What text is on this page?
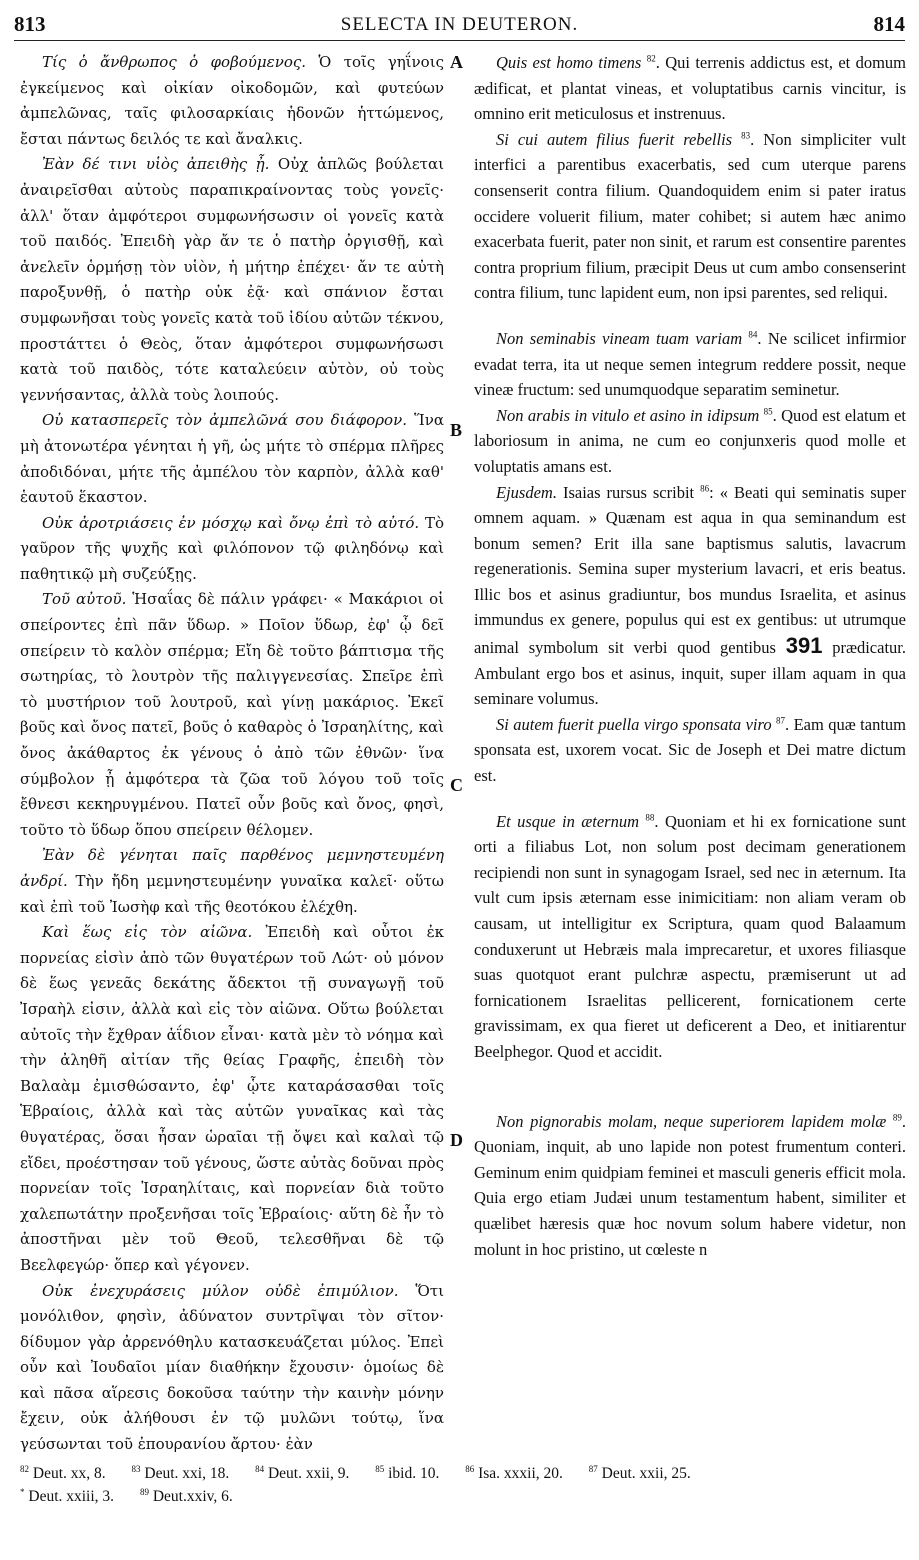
813	SELECTA IN DEUTERON.	814

Τίς ὁ ἄνθρωπος ὁ φοβούμενος. Ὁ τοῖς γηΐνοις ἐγκείμενος καὶ οἰκίαν οἰκοδομῶν, καὶ φυτεύων ἀμπελῶνας, ταῖς φιλοσαρκίαις ἡδονῶν ἡττώμενος, ἔσται πάντως δειλός τε καὶ ἄναλκις.

Ἐὰν δέ τινι υἱὸς ἀπειθὴς ᾖ. Οὐχ ἁπλῶς βούλεται ἀναιρεῖσθαι αὐτοὺς παραπικραίνοντας τοὺς γονεῖς· ἀλλ' ὅταν ἀμφότεροι συμφωνήσωσιν οἱ γονεῖς κατὰ τοῦ παιδός. Ἐπειδὴ γὰρ ἄν τε ὁ πατὴρ ὀργισθῇ, καὶ ἀνελεῖν ὁρμήσῃ τὸν υἱὸν, ἡ μήτηρ ἐπέχει· ἄν τε αὐτὴ παροξυνθῇ, ὁ πατὴρ οὐκ ἐᾷ· καὶ σπάνιον ἔσται συμφωνῆσαι τοὺς γονεῖς κατὰ τοῦ ἰδίου αὐτῶν τέκνου, προστάττει ὁ Θεὸς, ὅταν ἀμφότεροι συμφωνήσωσι κατὰ τοῦ παιδὸς, τότε καταλεύειν αὐτὸν, οὐ τοὺς γεννήσαντας, ἀλλὰ τοὺς λοιπούς.

Οὐ κατασπερεῖς τὸν ἀμπελῶνά σου διάφορον. Ἵνα μὴ ἀτονωτέρα γένηται ἡ γῆ, ὡς μήτε τὸ σπέρμα πλῆρες ἀποδιδόναι, μήτε τῆς ἀμπέλου τὸν καρπὸν, ἀλλὰ καθ' ἑαυτοῦ ἕκαστον.

Οὐκ ἀροτριάσεις ἐν μόσχῳ καὶ ὄνῳ ἐπὶ τὸ αὐτό. Τὸ γαῦρον τῆς ψυχῆς καὶ φιλόπονον τῷ φιληδόνῳ καὶ παθητικῷ μὴ συζεύξῃς.

Τοῦ αὐτοῦ. Ἡσαΐας δὲ πάλιν γράφει· « Μακάριοι οἱ σπείροντες ἐπὶ πᾶν ὕδωρ. » Ποῖον ὕδωρ, ἐφ' ᾧ δεῖ σπείρειν τὸ καλὸν σπέρμα; Εἴη δὲ τοῦτο βάπτισμα τῆς σωτηρίας, τὸ λουτρὸν τῆς παλιγγενεσίας. Σπεῖρε ἐπὶ τὸ μυστήριον τοῦ λουτροῦ, καὶ γίνῃ μακάριος. Ἐκεῖ βοῦς καὶ ὄνος πατεῖ, βοῦς ὁ καθαρὸς ὁ Ἰσραηλίτης, καὶ ὄνος ἀκάθαρτος ἐκ γένους ὁ ἀπὸ τῶν ἐθνῶν· ἵνα σύμβολον ᾖ ἀμφότερα τὰ ζῶα τοῦ λόγου τοῦ τοῖς ἔθνεσι κεκηρυγμένου. Πατεῖ οὖν βοῦς καὶ ὄνος, φησὶ, τοῦτο τὸ ὕδωρ ὅπου σπείρειν θέλομεν.

Ἐὰν δὲ γένηται παῖς παρθένος μεμνηστευμένη ἀνδρί. Τὴν ἤδη μεμνηστευμένην γυναῖκα καλεῖ· οὕτω καὶ ἐπὶ τοῦ Ἰωσὴφ καὶ τῆς θεοτόκου ἐλέχθη.

Καὶ ἕως εἰς τὸν αἰῶνα. Ἐπειδὴ καὶ οὗτοι ἐκ πορνείας εἰσὶν ἀπὸ τῶν θυγατέρων τοῦ Λώτ· οὐ μόνον δὲ ἕως γενεᾶς δεκάτης ἄδεκτοι τῇ συναγωγῇ τοῦ Ἰσραὴλ εἰσιν, ἀλλὰ καὶ εἰς τὸν αἰῶνα. Οὕτω βούλεται αὐτοῖς τὴν ἔχθραν ἀΐδιον εἶναι· κατὰ μὲν τὸ νόημα καὶ τὴν ἀληθῆ αἰτίαν τῆς θείας Γραφῆς, ἐπειδὴ τὸν Βαλαὰμ ἐμισθώσαντο, ἐφ' ᾧτε καταράσασθαι τοῖς Ἑβραίοις, ἀλλὰ καὶ τὰς αὐτῶν γυναῖκας καὶ τὰς θυγατέρας, ὅσαι ἦσαν ὡραῖαι τῇ ὄψει καὶ καλαὶ τῷ εἴδει, προέστησαν τοῦ γένους, ὥστε αὐτὰς δοῦναι πρὸς πορνείαν τοῖς Ἰσραηλίταις, καὶ πορνείαν διὰ τοῦτο χαλεπωτάτην προξενῆσαι τοῖς Ἑβραίοις· αὕτη δὲ ἦν τὸ ἀποστῆναι μὲν τοῦ Θεοῦ, τελεσθῆναι δὲ τῷ Βεελφεγώρ· ὅπερ καὶ γέγονεν.

Οὐκ ἐνεχυράσεις μύλον οὐδὲ ἐπιμύλιον. Ὅτι μονόλιθον, φησὶν, ἀδύνατον συντρῖψαι τὸν σῖτον· δίδυμον γὰρ ἀρρενόθηλυ κατασκευάζεται μύλος. Ἐπεὶ οὖν καὶ Ἰουδαῖοι μίαν διαθήκην ἔχουσιν· ὁμοίως δὲ καὶ πᾶσα αἵρεσις δοκοῦσα ταύτην τὴν καινὴν μόνην ἔχειν, οὐκ ἀλήθουσι ἐν τῷ μυλῶνι τούτῳ, ἵνα γεύσωνται τοῦ ἐπουρανίου ἄρτου· ἐὰν

A
B
C
D

Quis est homo timens $^{82}$. Qui terrenis addictus est, et domum ædificat, et plantat vineas, et voluptatibus carnis vincitur, is omnino erit meticulosus et instrenuus.

Si cui autem filius fuerit rebellis $^{83}$. Non simpliciter vult interfici a parentibus exacerbatis, sed cum uterque parens consenserit contra filium. Quandoquidem enim si pater iratus occidere voluerit filium, mater cohibet; si autem hæc animo exacerbata fuerit, pater non sinit, et rarum est consentire parentes contra proprium filium, præcipit Deus ut cum ambo consenserint contra filium, tunc lapident eum, non ipsi parentes, sed reliqui.

Non seminabis vineam tuam variam $^{84}$. Ne scilicet infirmior evadat terra, ita ut neque semen integrum reddere possit, neque vineæ fructum: sed unumquodque separatim seminetur.

Non arabis in vitulo et asino in idipsum $^{85}$. Quod est elatum et laboriosum in anima, ne cum eo conjunxeris quod molle et voluptatis amans est.

Ejusdem. Isaias rursus scribit $^{86}$: « Beati qui seminatis super omnem aquam. » Quænam est aqua in qua seminandum est bonum semen? Erit illa sane baptismus salutis, lavacrum regenerationis. Semina super mysterium lavacri, et eris beatus. Illic bos et asinus gradiuntur, bos mundus Israelita, et asinus immundus ex genere, populus qui est ex gentibus: ut utrumque animal symbolum sit verbi quod gentibus 391 prædicatur. Ambulant ergo bos et asinus, inquit, super illam aquam in qua seminare volumus.

Si autem fuerit puella virgo sponsata viro $^{87}$. Eam quæ tantum sponsata est, uxorem vocat. Sic de Joseph et Dei matre dictum est.

Et usque in æternum $^{88}$. Quoniam et hi ex fornicatione sunt orti a filiabus Lot, non solum post decimam generationem recipiendi non sunt in synagogam Israel, sed nec in æternum. Ita vult cum ipsis æternam esse inimicitiam: non aliam veram ob causam, ut intelligitur ex Scriptura, quam quod Balaamum conduxerunt ut Hebræis mala imprecaretur, et uxores filiasque suas quotquot erant pulchræ aspectu, præmiserunt ut ad fornicationem Israelitas pellicerent, fornicationem certe gravissimam, ex qua fieret ut deficerent a Deo, et initiarentur Beelphegor. Quod et accidit.

Non pignorabis molam, neque superiorem lapidem molæ $^{89}$. Quoniam, inquit, ab uno lapide non potest frumentum conteri. Geminum enim quidpiam feminei et masculi generis efficit mola. Quia ergo etiam Judæi unum testamentum habent, similiter et quælibet hæresis quæ hoc novum solum habere videtur, non molunt in hoc pristino, ut cœleste n

$^{82}$ Deut. xx, 8.	$^{83}$ Deut. xxi, 18.	$^{84}$ Deut. xxii, 9.	$^{85}$ ibid. 10.	$^{86}$ Isa. xxxii, 20.	$^{87}$ Deut. xxii, 25.
* Deut. xxiii, 3.	$^{89}$ Deut.xxiv, 6.
